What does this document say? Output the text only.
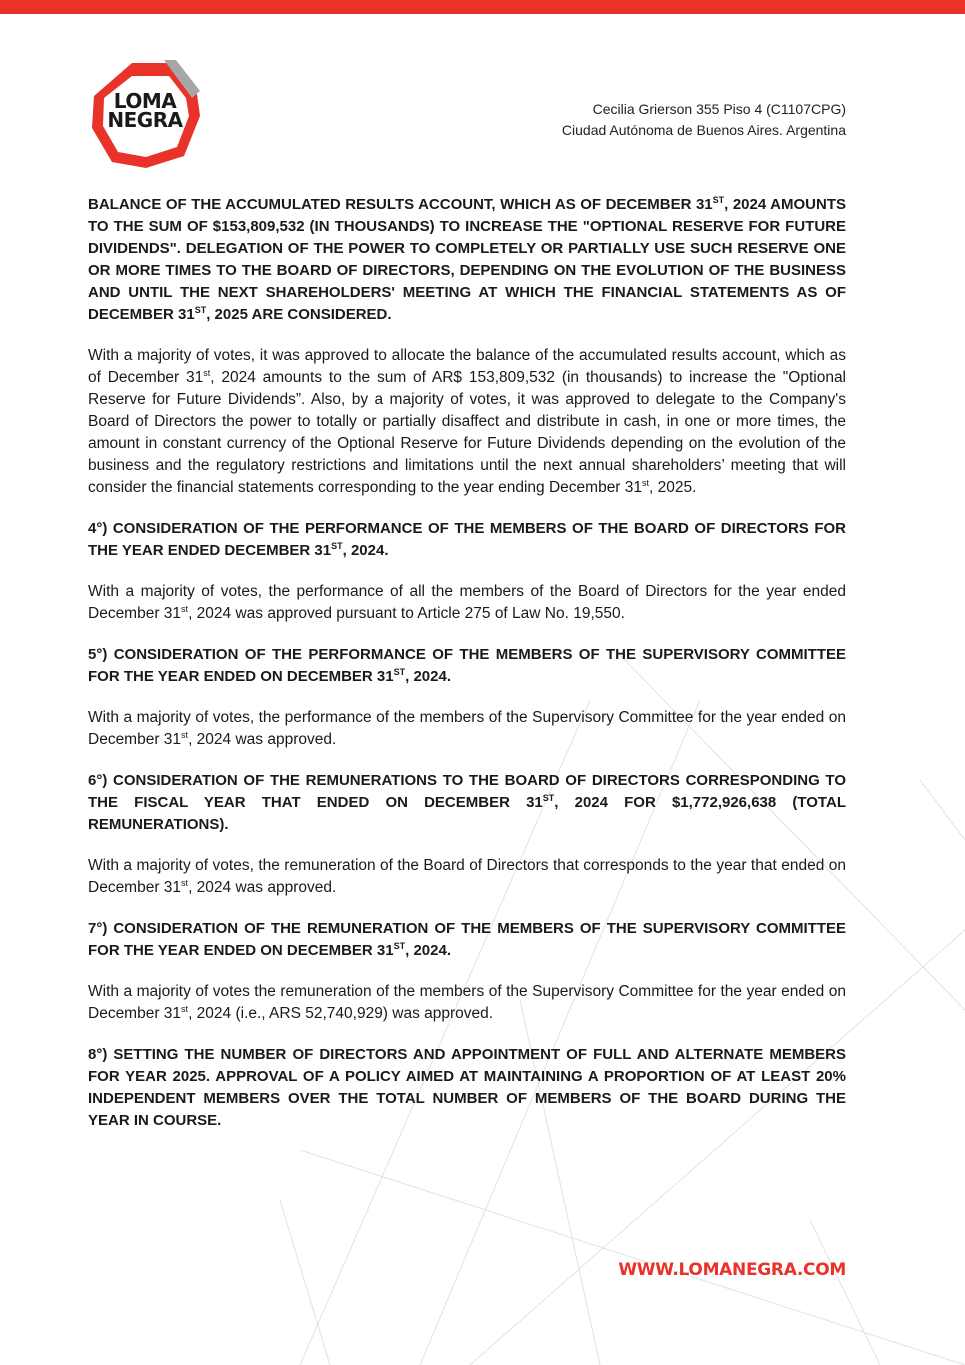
LOMA
NEGRA	Cecilia Grierson 355 Piso 4 (C1107CPG)
Ciudad Autónoma de Buenos Aires. Argentina

BALANCE OF THE ACCUMULATED RESULTS ACCOUNT, WHICH AS OF DECEMBER 31ST, 2024 AMOUNTS TO THE SUM OF $153,809,532 (IN THOUSANDS) TO INCREASE THE "OPTIONAL RESERVE FOR FUTURE DIVIDENDS". DELEGATION OF THE POWER TO COMPLETELY OR PARTIALLY USE SUCH RESERVE ONE OR MORE TIMES TO THE BOARD OF DIRECTORS, DEPENDING ON THE EVOLUTION OF THE BUSINESS AND UNTIL THE NEXT SHAREHOLDERS' MEETING AT WHICH THE FINANCIAL STATEMENTS AS OF DECEMBER 31ST, 2025 ARE CONSIDERED.

With a majority of votes, it was approved to allocate the balance of the accumulated results account, which as of December 31st, 2024 amounts to the sum of AR$ 153,809,532 (in thousands) to increase the "Optional Reserve for Future Dividends”. Also, by a majority of votes, it was approved to delegate to the Company's Board of Directors the power to totally or partially disaffect and distribute in cash, in one or more times, the amount in constant currency of the Optional Reserve for Future Dividends depending on the evolution of the business and the regulatory restrictions and limitations until the next annual shareholders’ meeting that will consider the financial statements corresponding to the year ending December 31st, 2025.

4°) CONSIDERATION OF THE PERFORMANCE OF THE MEMBERS OF THE BOARD OF DIRECTORS FOR THE YEAR ENDED DECEMBER 31ST, 2024.

With a majority of votes, the performance of all the members of the Board of Directors for the year ended December 31st, 2024 was approved pursuant to Article 275 of Law No. 19,550.

5°) CONSIDERATION OF THE PERFORMANCE OF THE MEMBERS OF THE SUPERVISORY COMMITTEE FOR THE YEAR ENDED ON DECEMBER 31ST, 2024.

With a majority of votes, the performance of the members of the Supervisory Committee for the year ended on December 31st, 2024 was approved.

6°) CONSIDERATION OF THE REMUNERATIONS TO THE BOARD OF DIRECTORS CORRESPONDING TO THE FISCAL YEAR THAT ENDED ON DECEMBER 31ST, 2024 FOR $1,772,926,638 (TOTAL REMUNERATIONS).

With a majority of votes, the remuneration of the Board of Directors that corresponds to the year that ended on December 31st, 2024 was approved.

7°) CONSIDERATION OF THE REMUNERATION OF THE MEMBERS OF THE SUPERVISORY COMMITTEE FOR THE YEAR ENDED ON DECEMBER 31ST, 2024.

With a majority of votes the remuneration of the members of the Supervisory Committee for the year ended on December 31st, 2024 (i.e., ARS 52,740,929) was approved.

8°) SETTING THE NUMBER OF DIRECTORS AND APPOINTMENT OF FULL AND ALTERNATE MEMBERS FOR YEAR 2025. APPROVAL OF A POLICY AIMED AT MAINTAINING A PROPORTION OF AT LEAST 20% INDEPENDENT MEMBERS OVER THE TOTAL NUMBER OF MEMBERS OF THE BOARD DURING THE YEAR IN COURSE.

WWW.LOMANEGRA.COM
